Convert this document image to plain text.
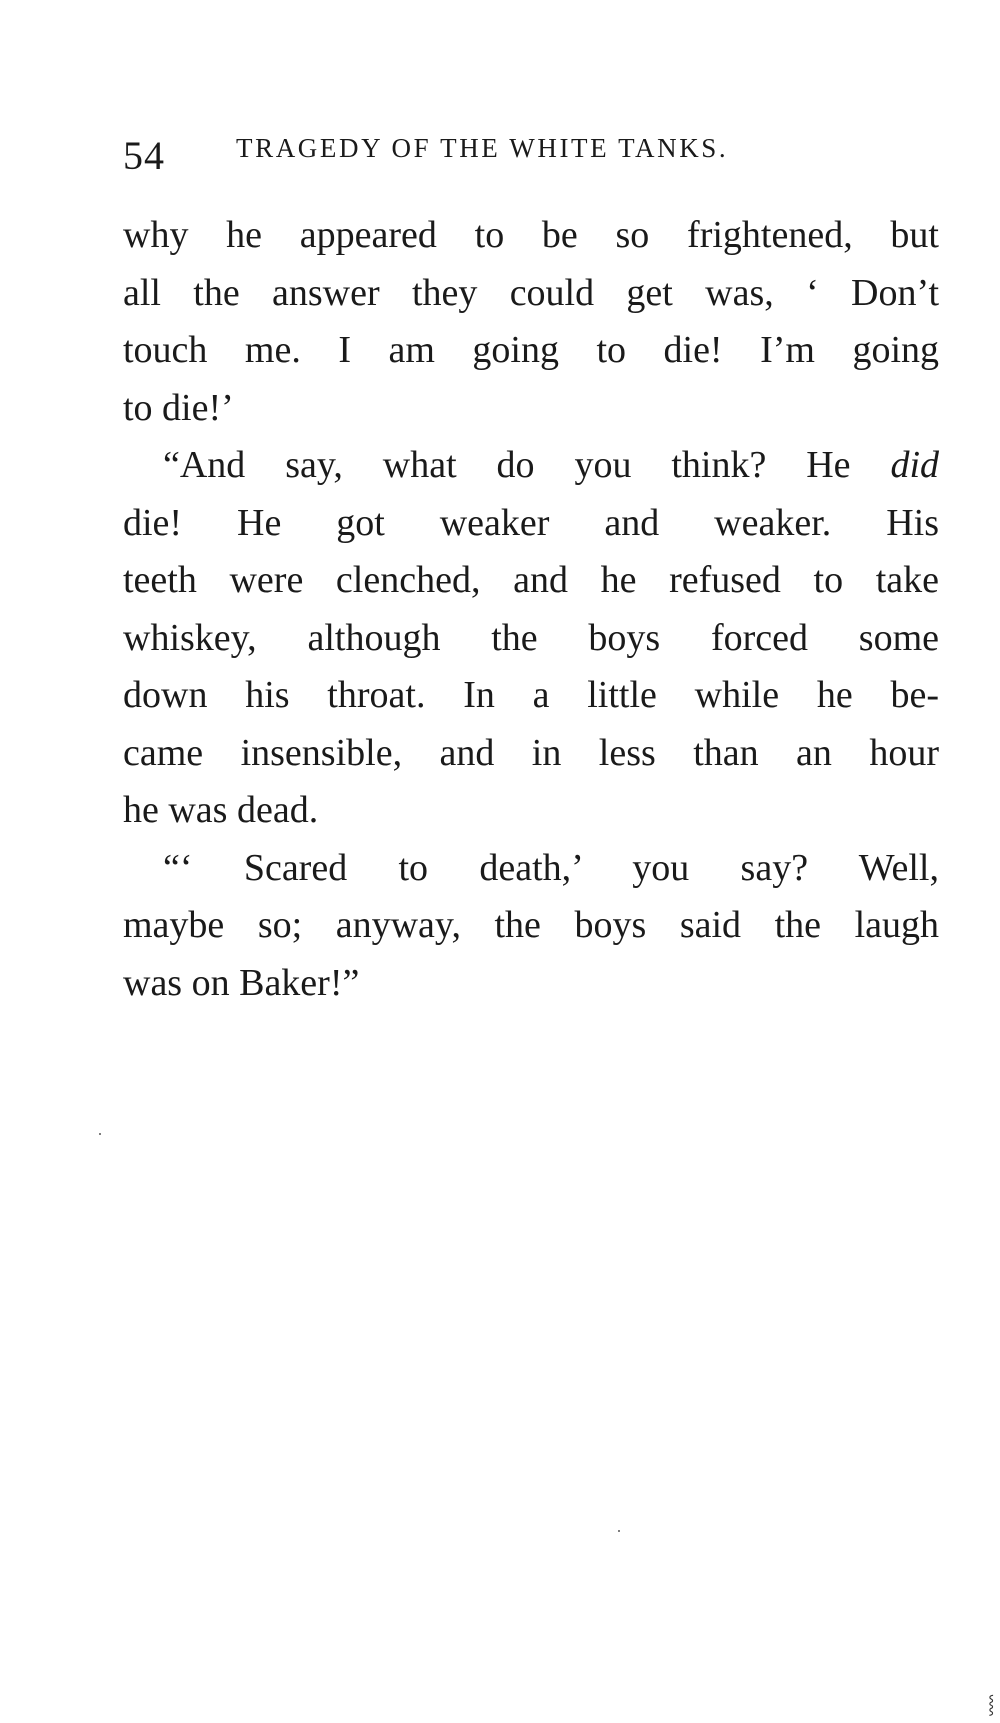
54	TRAGEDY OF THE WHITE TANKS.
why he appeared to be so frightened, but
all the answer they could get was, ‘ Don’t
touch me. I am going to die! I’m going
to die!’
“And say, what do you think? He did
die! He got weaker and weaker. His
teeth were clenched, and he refused to take
whiskey, although the boys forced some
down his throat. In a little while he be-
came insensible, and in less than an hour
he was dead.
“‘ Scared to death,’ you say? Well,
maybe so; anyway, the boys said the laugh
was on Baker!”
⸾
